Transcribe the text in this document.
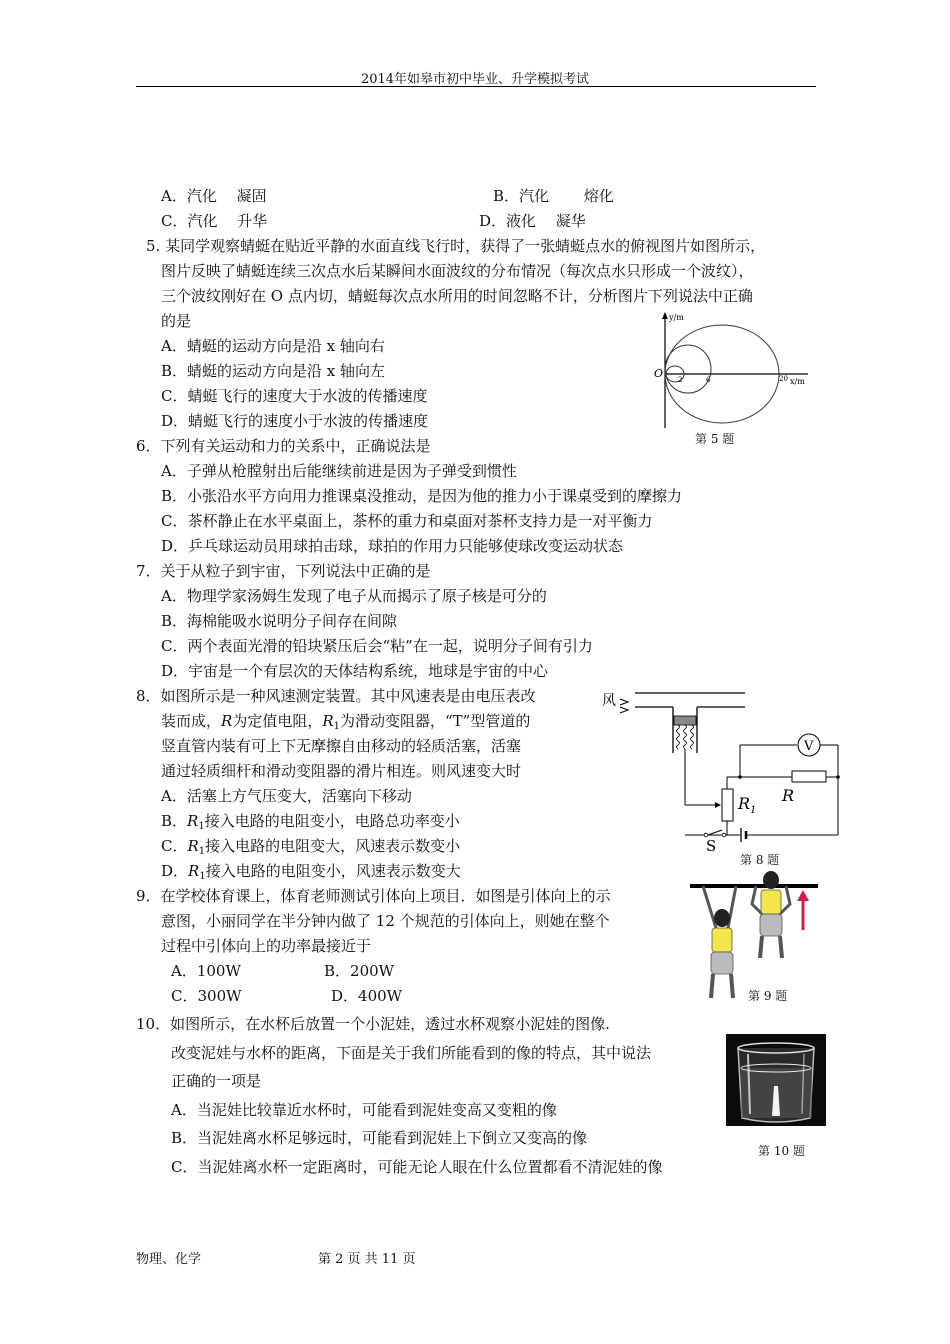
2014年如皋市初中毕业、升学模拟考试
A．汽化　 凝固	B．汽化　　 熔化
C．汽化　 升华	D．液化　 凝华
5. 某同学观察蜻蜓在贴近平静的水面直线飞行时，获得了一张蜻蜓点水的俯视图片如图所示，
图片反映了蜻蜓连续三次点水后某瞬间水面波纹的分布情况（每次点水只形成一个波纹），
三个波纹刚好在 O 点内切，蜻蜓每次点水所用的时间忽略不计，分析图片下列说法中正确
的是
A．蜻蜓的运动方向是沿 x 轴向右
B．蜻蜓的运动方向是沿 x 轴向左
C．蜻蜓飞行的速度大于水波的传播速度
D．蜻蜓飞行的速度小于水波的传播速度
y/m
O 2	6	20 x/m
第 5 题
6．下列有关运动和力的关系中，正确说法是
A．子弹从枪膛射出后能继续前进是因为子弹受到惯性
B．小张沿水平方向用力推课桌没推动，是因为他的推力小于课桌受到的摩擦力
C．茶杯静止在水平桌面上，茶杯的重力和桌面对茶杯支持力是一对平衡力
D．乒乓球运动员用球拍击球，球拍的作用力只能够使球改变运动状态
7．关于从粒子到宇宙，下列说法中正确的是
A．物理学家汤姆生发现了电子从而揭示了原子核是可分的
B．海棉能吸水说明分子间存在间隙
C．两个表面光滑的铅块紧压后会“粘”在一起，说明分子间有引力
D．宇宙是一个有层次的天体结构系统，地球是宇宙的中心
8．如图所示是一种风速测定装置。其中风速表是由电压表改
装而成，R为定值电阻，$R_1$为滑动变阻器，“T”型管道的
竖直管内装有可上下无摩擦自由移动的轻质活塞，活塞
通过轻质细杆和滑动变阻器的滑片相连。则风速变大时
A．活塞上方气压变大，活塞向下移动
B．$R_1$接入电路的电阻变小，电路总功率变小
C．$R_1$接入电路的电阻变大，风速表示数变小
D．$R_1$接入电路的电阻变小，风速表示数变大
风
$R_1$
R
V
S
第 8 题
9．在学校体育课上，体育老师测试引体向上项目．如图是引体向上的示
意图，小丽同学在半分钟内做了 12 个规范的引体向上，则她在整个
过程中引体向上的功率最接近于
A．100W	B．200W
C．300W	D．400W	第 9 题
10．如图所示，在水杯后放置一个小泥娃，透过水杯观察小泥娃的图像.
改变泥娃与水杯的距离，下面是关于我们所能看到的像的特点，其中说法
正确的一项是
A．当泥娃比较靠近水杯时，可能看到泥娃变高又变粗的像
B．当泥娃离水杯足够远时，可能看到泥娃上下倒立又变高的像
C．当泥娃离水杯一定距离时，可能无论人眼在什么位置都看不清泥娃的像
第 10 题
物理、化学	第 2 页 共 11 页
